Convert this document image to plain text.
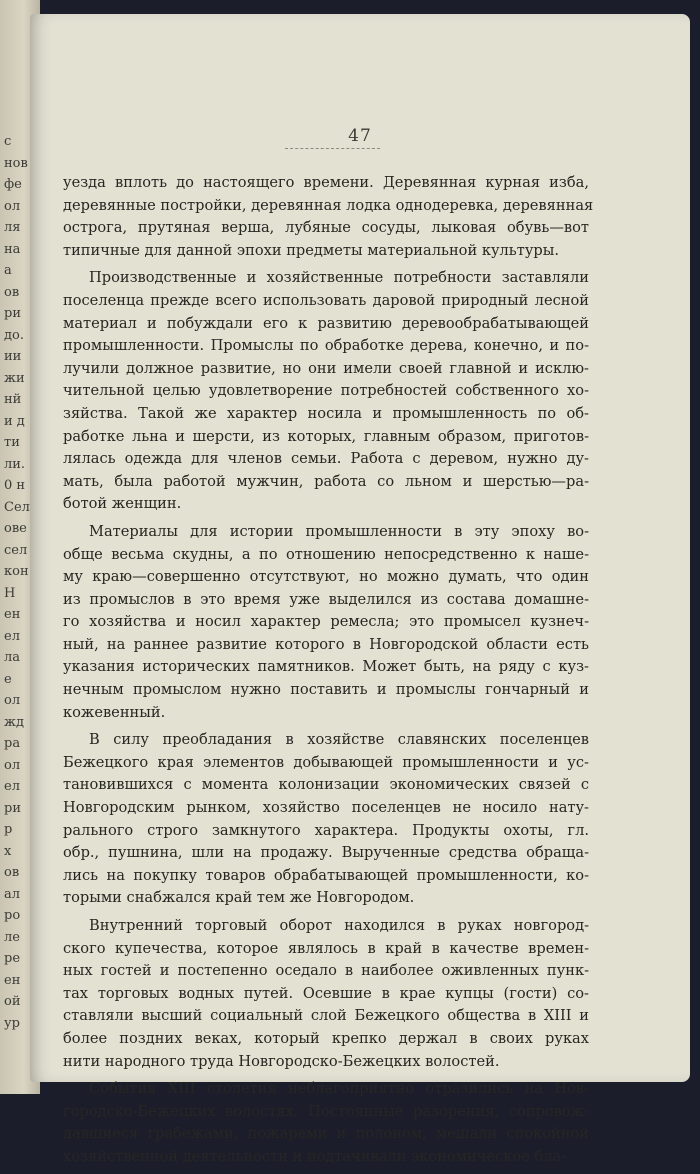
с
нов
фе
ол
ля
на
а
ов
ри
до.
ии
жи
нй
и д
ти
ли.
0 н
Сел
ове
сел
кон
Н
ен
ел
ла
е
ол
жд
ра
ол
ел
ри
р
х
ов
ал
ро
ле
ре
ен
ой
ур
47
уезда вплоть до настоящего времени. Деревянная курная изба,
деревянные постройки, деревянная лодка однодеревка, деревянная
острога, прутяная верша, лубяные сосуды, лыковая обувь—вот
типичные для данной эпохи предметы материальной культуры.
Производственные и хозяйственные потребности заставляли
поселенца прежде всего использовать даровой природный лесной
материал и побуждали его к развитию деревообрабатывающей
промышленности. Промыслы по обработке дерева, конечно, и по-
лучили должное развитие, но они имели своей главной и исклю-
чительной целью удовлетворение потребностей собственного хо-
зяйства. Такой же характер носила и промышленность по об-
работке льна и шерсти, из которых, главным образом, приготов-
лялась одежда для членов семьи. Работа с деревом, нужно ду-
мать, была работой мужчин, работа со льном и шерстью—ра-
ботой женщин.
Материалы для истории промышленности в эту эпоху во-
обще весьма скудны, а по отношению непосредственно к наше-
му краю—совершенно отсутствуют, но можно думать, что один
из промыслов в это время уже выделился из состава домашне-
го хозяйства и носил характер ремесла; это промысел кузнеч-
ный, на раннее развитие которого в Новгородской области есть
указания исторических памятников. Может быть, на ряду с куз-
нечным промыслом нужно поставить и промыслы гончарный и
кожевенный.
В силу преобладания в хозяйстве славянских поселенцев
Бежецкого края элементов добывающей промышленности и ус-
тановившихся с момента колонизации экономических связей с
Новгородским рынком, хозяйство поселенцев не носило нату-
рального строго замкнутого характера. Продукты охоты, гл.
обр., пушнина, шли на продажу. Вырученные средства обраща-
лись на покупку товаров обрабатывающей промышленности, ко-
торыми снабжался край тем же Новгородом.
Внутренний торговый оборот находился в руках новгород-
ского купечества, которое являлось в край в качестве времен-
ных гостей и постепенно оседало в наиболее оживленных пунк-
тах торговых водных путей. Осевшие в крае купцы (гости) со-
ставляли высший социальный слой Бежецкого общества в XIII и
более поздних веках, который крепко держал в своих руках
нити народного труда Новгородско-Бежецких волостей.
События XIII столетия неблагоприятно отразились на Нов-
городско-Бежецких волостях. Постоянные разорения, сопровож-
давшиеся грабежами, пожарами и полоном, мешали спокойной
хозяйственной деятельности и подтачивали экономическое бла-
